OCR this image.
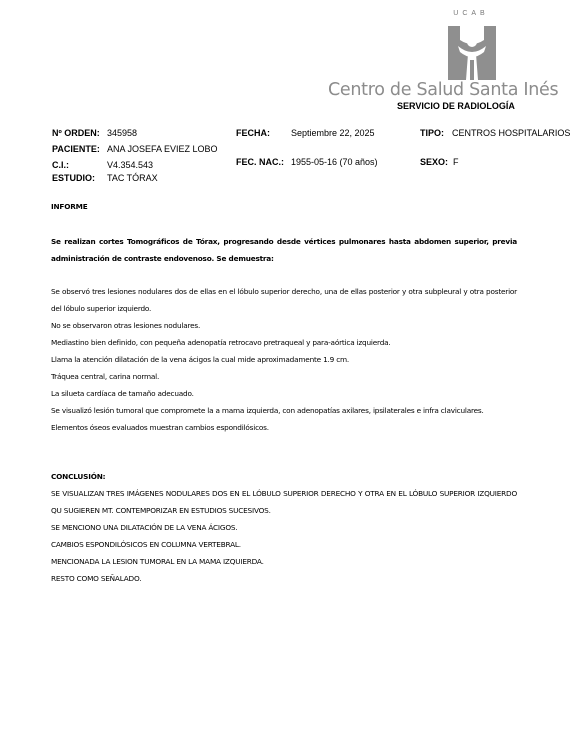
UCAB
Centro de Salud Santa Inés
SERVICIO DE RADIOLOGÍA
Nº ORDEN: 345958	FECHA: Septiembre 22, 2025	TIPO: CENTROS HOSPITALARIOS
PACIENTE: ANA JOSEFA EVIEZ LOBO
C.I.:	V4.354.543	FEC. NAC.: 1955-05-16 (70 años)	SEXO: F
ESTUDIO: TAC TÓRAX
INFORME

Se realizan cortes Tomográficos de Tórax, progresando desde vértices pulmonares hasta abdomen superior, previa administración de contraste endovenoso. Se demuestra:

Se observó tres lesiones nodulares dos de ellas en el lóbulo superior derecho, una de ellas posterior y otra subpleural y otra posterior del lóbulo superior izquierdo.

No se observaron otras lesiones nodulares.

Mediastino bien definido, con pequeña adenopatía retrocavo pretraqueal y para-aórtica izquierda.

Llama la atención dilatación de la vena ácigos la cual mide aproximadamente 1.9 cm.

Tráquea central, carina normal.

La silueta cardíaca de tamaño adecuado.

Se visualizó lesión tumoral que compromete la a mama izquierda, con adenopatías axilares, ipsilaterales e infra claviculares.

Elementos óseos evaluados muestran cambios espondilósicos.

CONCLUSIÓN:

SE VISUALIZAN TRES IMÁGENES NODULARES DOS EN EL LÓBULO SUPERIOR DERECHO Y OTRA EN EL LÓBULO SUPERIOR IZQUIERDO QU SUGIEREN MT. CONTEMPORIZAR EN ESTUDIOS SUCESIVOS.

SE MENCIONO UNA DILATACIÓN DE LA VENA ÁCIGOS.

CAMBIOS ESPONDILÓSICOS EN COLUMNA VERTEBRAL.

MENCIONADA LA LESION TUMORAL EN LA MAMA IZQUIERDA.

RESTO COMO SEÑALADO.
